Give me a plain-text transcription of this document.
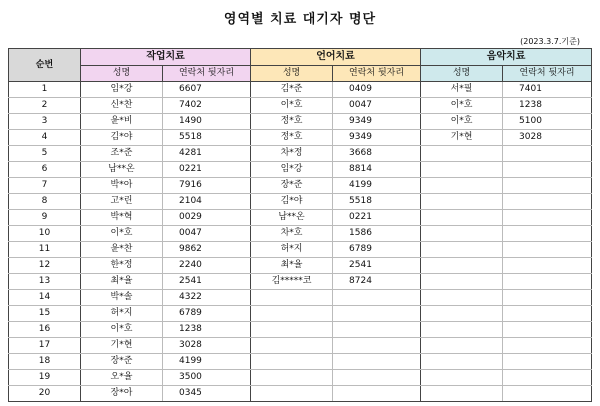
영역별 치료 대기자 명단
(2023.3.7.기준)
순번	작업치료		언어치료		음악치료	
	성명	연락처 뒷자리	성명	연락처 뒷자리	성명	연락처 뒷자리
1	임*강	6607	김*준	0409	서*필	7401
2	신*찬	7402	이*호	0047	이*호	1238
3	윤*비	1490	정*호	9349	이*호	5100
4	김*야	5518	정*호	9349	기*현	3028
5	조*준	4281	차*정	3668		
6	남**온	0221	임*강	8814		
7	박*아	7916	장*준	4199		
8	고*린	2104	김*야	5518		
9	박*혁	0029	남**온	0221		
10	이*호	0047	차*호	1586		
11	윤*찬	9862	허*지	6789		
12	한*정	2240	최*율	2541		
13	최*율	2541	김*****코	8724		
14	박*솔	4322				
15	허*지	6789				
16	이*호	1238				
17	기*현	3028				
18	장*준	4199				
19	오*율	3500				
20	장*아	0345				
